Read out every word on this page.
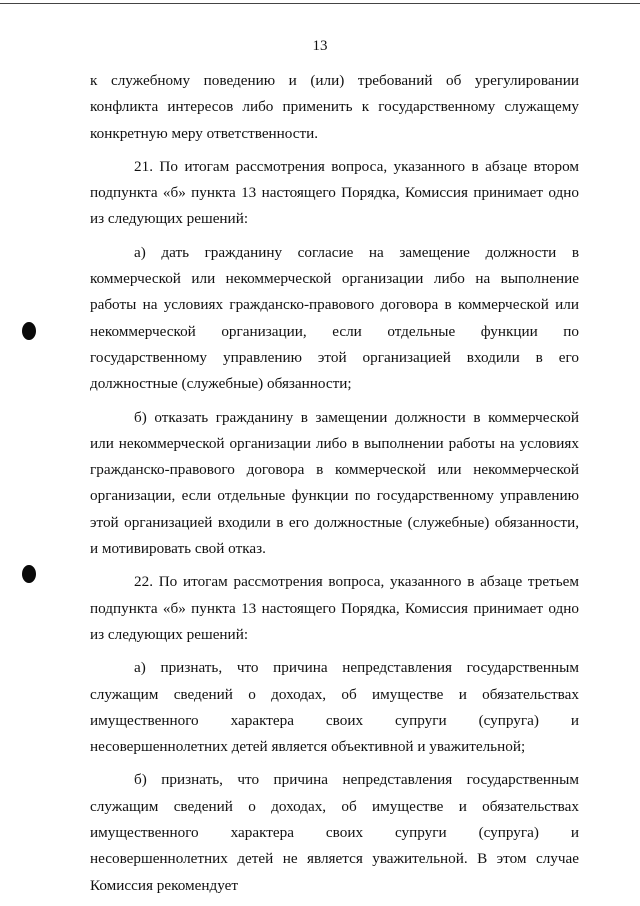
13

к служебному поведению и (или) требований об урегулировании конфликта интересов либо применить к государственному служащему конкретную меру ответственности.

21. По итогам рассмотрения вопроса, указанного в абзаце втором подпункта «б» пункта 13 настоящего Порядка, Комиссия принимает одно из следующих решений:

а) дать гражданину согласие на замещение должности в коммерческой или некоммерческой организации либо на выполнение работы на условиях гражданско-правового договора в коммерческой или некоммерческой организации, если отдельные функции по государственному управлению этой организацией входили в его должностные (служебные) обязанности;

б) отказать гражданину в замещении должности в коммерческой или некоммерческой организации либо в выполнении работы на условиях гражданско-правового договора в коммерческой или некоммерческой организации, если отдельные функции по государственному управлению этой организацией входили в его должностные (служебные) обязанности, и мотивировать свой отказ.

22. По итогам рассмотрения вопроса, указанного в абзаце третьем подпункта «б» пункта 13 настоящего Порядка, Комиссия принимает одно из следующих решений:

а) признать, что причина непредставления государственным служащим сведений о доходах, об имуществе и обязательствах имущественного характера своих супруги (супруга) и несовершеннолетних детей является объективной и уважительной;

б) признать, что причина непредставления государственным служащим сведений о доходах, об имуществе и обязательствах имущественного характера своих супруги (супруга) и несовершеннолетних детей не является уважительной. В этом случае Комиссия рекомендует
